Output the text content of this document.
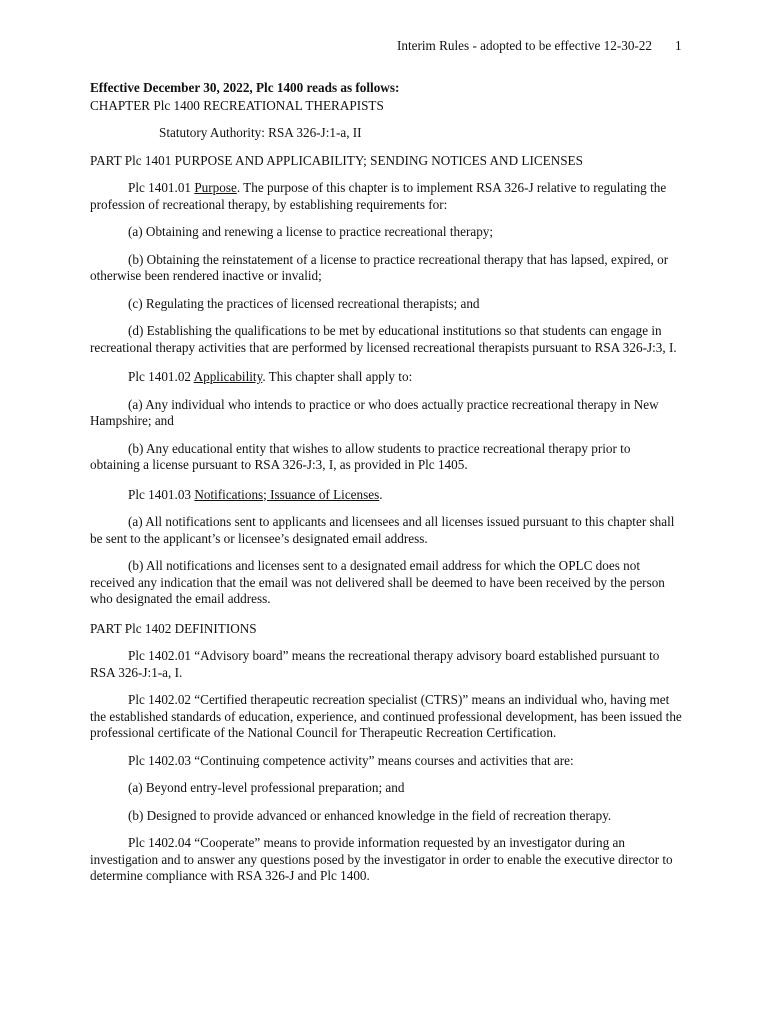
Interim Rules - adopted to be effective 12-30-22 1

Effective December 30, 2022, Plc 1400 reads as follows:

CHAPTER Plc 1400 RECREATIONAL THERAPISTS

Statutory Authority: RSA 326-J:1-a, II

PART Plc 1401 PURPOSE AND APPLICABILITY; SENDING NOTICES AND LICENSES

Plc 1401.01 Purpose. The purpose of this chapter is to implement RSA 326-J relative to regulating the profession of recreational therapy, by establishing requirements for:

(a) Obtaining and renewing a license to practice recreational therapy;

(b) Obtaining the reinstatement of a license to practice recreational therapy that has lapsed, expired, or otherwise been rendered inactive or invalid;

(c) Regulating the practices of licensed recreational therapists; and

(d) Establishing the qualifications to be met by educational institutions so that students can engage in recreational therapy activities that are performed by licensed recreational therapists pursuant to RSA 326-J:3, I.

Plc 1401.02 Applicability. This chapter shall apply to:

(a) Any individual who intends to practice or who does actually practice recreational therapy in New Hampshire; and

(b) Any educational entity that wishes to allow students to practice recreational therapy prior to obtaining a license pursuant to RSA 326-J:3, I, as provided in Plc 1405.

Plc 1401.03 Notifications; Issuance of Licenses.

(a) All notifications sent to applicants and licensees and all licenses issued pursuant to this chapter shall be sent to the applicant’s or licensee’s designated email address.

(b) All notifications and licenses sent to a designated email address for which the OPLC does not received any indication that the email was not delivered shall be deemed to have been received by the person who designated the email address.

PART Plc 1402 DEFINITIONS

Plc 1402.01 “Advisory board” means the recreational therapy advisory board established pursuant to RSA 326-J:1-a, I.

Plc 1402.02 “Certified therapeutic recreation specialist (CTRS)” means an individual who, having met the established standards of education, experience, and continued professional development, has been issued the professional certificate of the National Council for Therapeutic Recreation Certification.

Plc 1402.03 “Continuing competence activity” means courses and activities that are:

(a) Beyond entry-level professional preparation; and

(b) Designed to provide advanced or enhanced knowledge in the field of recreation therapy.

Plc 1402.04 “Cooperate” means to provide information requested by an investigator during an investigation and to answer any questions posed by the investigator in order to enable the executive director to determine compliance with RSA 326-J and Plc 1400.
